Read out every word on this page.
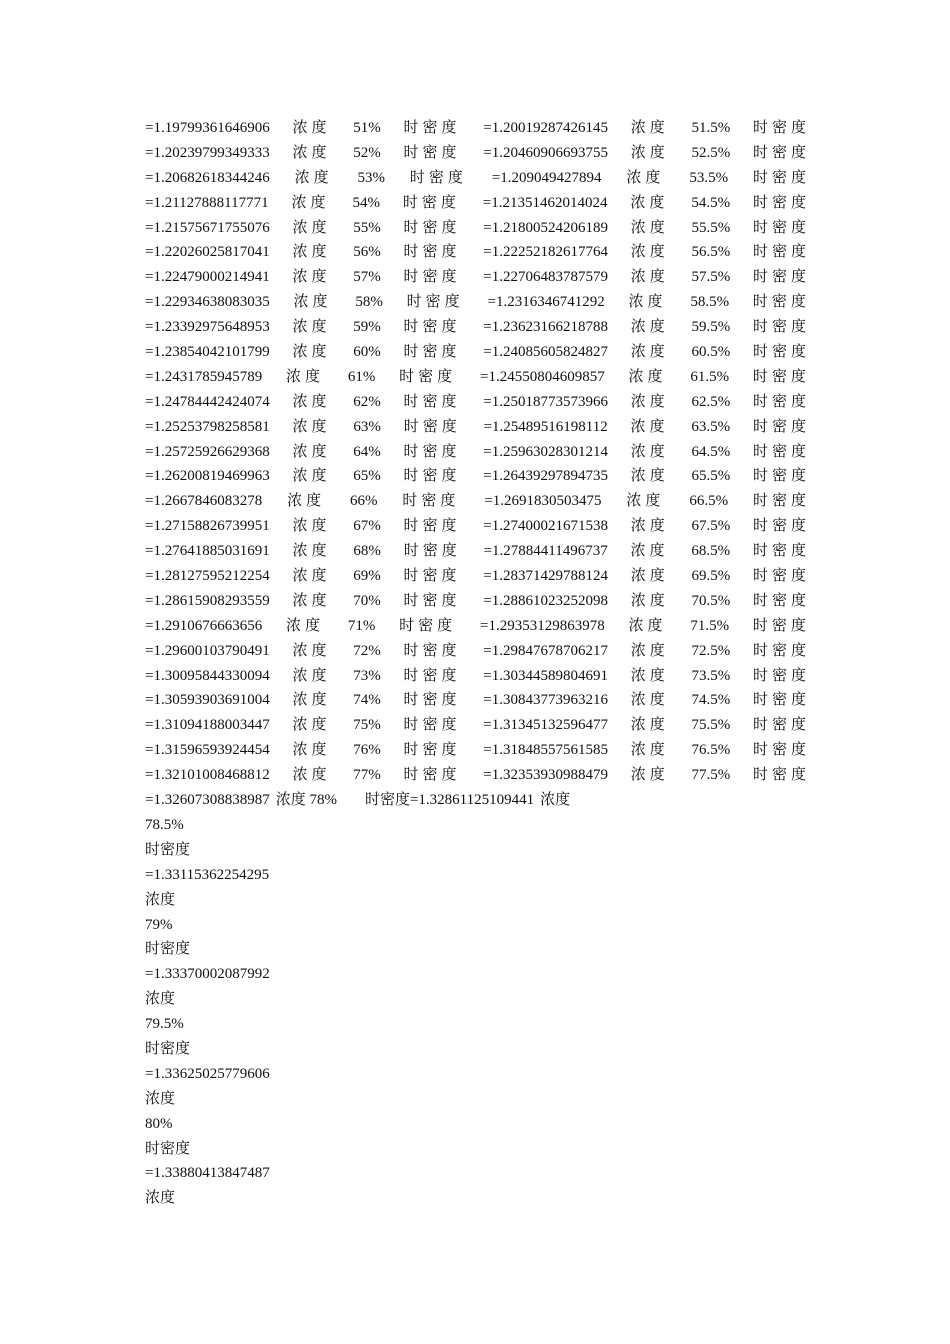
=1.19799361646906 浓度 51% 时密度 =1.20019287426145 浓度 51.5% 时密度
=1.20239799349333 浓度 52% 时密度 =1.20460906693755 浓度 52.5% 时密度
=1.20682618344246 浓度 53% 时密度 =1.209049427894 浓度 53.5% 时密度
=1.21127888117771 浓度 54% 时密度 =1.21351462014024 浓度 54.5% 时密度
=1.21575671755076 浓度 55% 时密度 =1.21800524206189 浓度 55.5% 时密度
=1.22026025817041 浓度 56% 时密度 =1.22252182617764 浓度 56.5% 时密度
=1.22479000214941 浓度 57% 时密度 =1.22706483787579 浓度 57.5% 时密度
=1.22934638083035 浓度 58% 时密度 =1.2316346741292 浓度 58.5% 时密度
=1.23392975648953 浓度 59% 时密度 =1.23623166218788 浓度 59.5% 时密度
=1.23854042101799 浓度 60% 时密度 =1.24085605824827 浓度 60.5% 时密度
=1.2431785945789 浓度 61% 时密度 =1.24550804609857 浓度 61.5% 时密度
=1.24784442424074 浓度 62% 时密度 =1.25018773573966 浓度 62.5% 时密度
=1.25253798258581 浓度 63% 时密度 =1.25489516198112 浓度 63.5% 时密度
=1.25725926629368 浓度 64% 时密度 =1.25963028301214 浓度 64.5% 时密度
=1.26200819469963 浓度 65% 时密度 =1.26439297894735 浓度 65.5% 时密度
=1.2667846083278 浓度 66% 时密度 =1.2691830503475 浓度 66.5% 时密度
=1.27158826739951 浓度 67% 时密度 =1.27400021671538 浓度 67.5% 时密度
=1.27641885031691 浓度 68% 时密度 =1.27884411496737 浓度 68.5% 时密度
=1.28127595212254 浓度 69% 时密度 =1.28371429788124 浓度 69.5% 时密度
=1.28615908293559 浓度 70% 时密度 =1.28861023252098 浓度 70.5% 时密度
=1.2910676663656 浓度 71% 时密度 =1.29353129863978 浓度 71.5% 时密度
=1.29600103790491 浓度 72% 时密度 =1.29847678706217 浓度 72.5% 时密度
=1.30095844330094 浓度 73% 时密度 =1.30344589804691 浓度 73.5% 时密度
=1.30593903691004 浓度 74% 时密度 =1.30843773963216 浓度 74.5% 时密度
=1.31094188003447 浓度 75% 时密度 =1.31345132596477 浓度 75.5% 时密度
=1.31596593924454 浓度 76% 时密度 =1.31848557561585 浓度 76.5% 时密度
=1.32101008468812 浓度 77% 时密度 =1.32353930988479 浓度 77.5% 时密度
=1.32607308838987 浓度 78% 时密度=1.32861125109441 浓度
78.5%
时密度
=1.33115362254295
浓度
79%
时密度
=1.33370002087992
浓度
79.5%
时密度
=1.33625025779606
浓度
80%
时密度
=1.33880413847487
浓度
